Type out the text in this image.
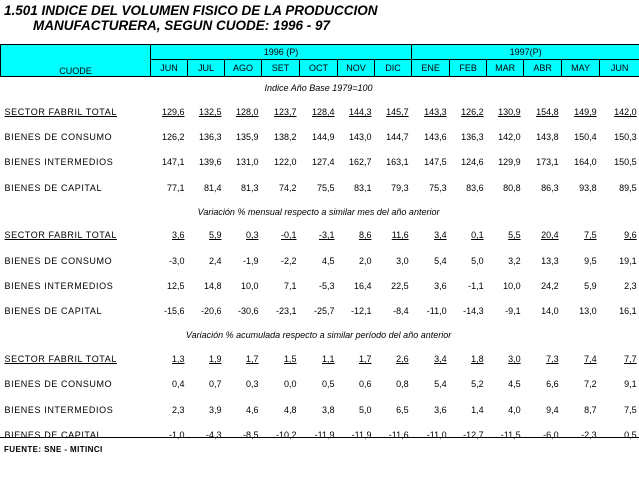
1.501 INDICE DEL VOLUMEN FISICO DE LA PRODUCCION
MANUFACTURERA, SEGUN CUODE: 1996 - 97
CUODE	1996 (P)							1997(P)					
	JUN	JUL	AGO	SET	OCT	NOV	DIC	ENE	FEB	MAR	ABR	MAY	JUN
Indice Año Base 1979=100													
SECTOR FABRIL TOTAL	129,6	132,5	128,0	123,7	128,4	144,3	145,7	143,3	126,2	130,9	154,8	149,9	142,0
BIENES DE CONSUMO	126,2	136,3	135,9	138,2	144,9	143,0	144,7	143,6	136,3	142,0	143,8	150,4	150,3
BIENES INTERMEDIOS	147,1	139,6	131,0	122,0	127,4	162,7	163,1	147,5	124,6	129,9	173,1	164,0	150,5
BIENES DE CAPITAL	77,1	81,4	81,3	74,2	75,5	83,1	79,3	75,3	83,6	80,8	86,3	93,8	89,5
Variación % mensual respecto a similar mes del año anterior													
SECTOR FABRIL TOTAL	3,6	5,9	0,3	-0,1	-3,1	8,6	11,6	3,4	0,1	5,5	20,4	7,5	9,6
BIENES DE CONSUMO	-3,0	2,4	-1,9	-2,2	4,5	2,0	3,0	5,4	5,0	3,2	13,3	9,5	19,1
BIENES INTERMEDIOS	12,5	14,8	10,0	7,1	-5,3	16,4	22,5	3,6	-1,1	10,0	24,2	5,9	2,3
BIENES DE CAPITAL	-15,6	-20,6	-30,6	-23,1	-25,7	-12,1	-8,4	-11,0	-14,3	-9,1	14,0	13,0	16,1
Variación % acumulada respecto a similar período del año anterior													
SECTOR FABRIL TOTAL	1,3	1,9	1,7	1,5	1,1	1,7	2,6	3,4	1,8	3,0	7,3	7,4	7,7
BIENES DE CONSUMO	0,4	0,7	0,3	0,0	0,5	0,6	0,8	5,4	5,2	4,5	6,6	7,2	9,1
BIENES INTERMEDIOS	2,3	3,9	4,6	4,8	3,8	5,0	6,5	3,6	1,4	4,0	9,4	8,7	7,5
BIENES DE CAPITAL	-1,0	-4,3	-8,5	-10,2	-11,9	-11,9	-11,6	-11,0	-12,7	-11,5	-6,0	-2,3	0,5
FUENTE: SNE - MITINCI
